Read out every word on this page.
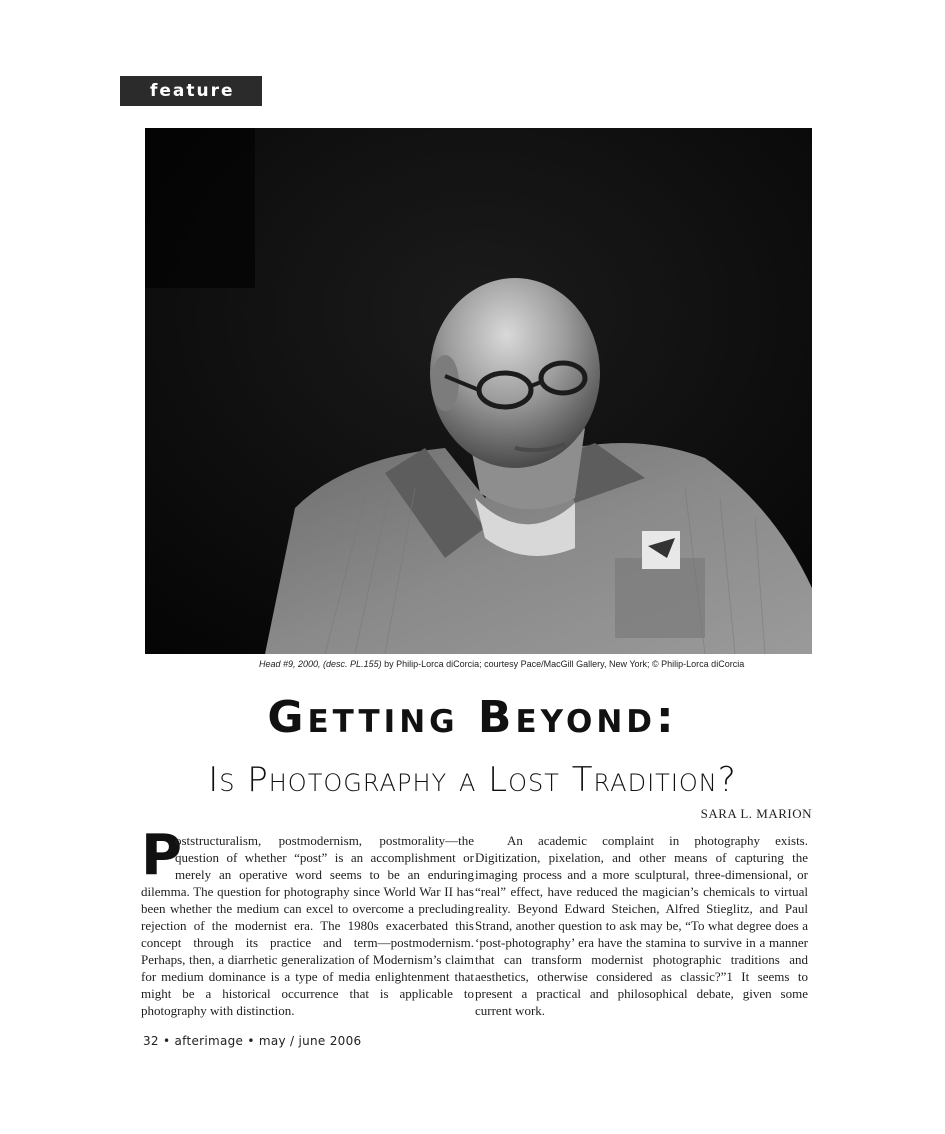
feature
Head #9, 2000, (desc. PL.155) by Philip-Lorca diCorcia; courtesy Pace/MacGill Gallery, New York; © Philip-Lorca diCorcia
Getting Beyond:
Is Photography a Lost Tradition?
SARA L. MARION
P

oststructuralism, postmodernism, postmorality—the question of whether “post” is an accomplishment or merely an operative word seems to be an enduring dilemma. The question for photography since World War II has been whether the medium can excel to overcome a precluding rejection of the modernist era. The 1980s exacerbated this concept through its practice and term—postmodernism. Perhaps, then, a diarrhetic generalization of Modernism’s claim for medium dominance is a type of media enlightenment that might be a historical occurrence that is applicable to photography with distinction.

An academic complaint in photography exists. Digitization, pixelation, and other means of capturing the imaging process and a more sculptural, three-dimensional, or “real” effect, have reduced the magician’s chemicals to virtual reality. Beyond Edward Steichen, Alfred Stieglitz, and Paul Strand, another question to ask may be, “To what degree does a ‘post-photography’ era have the stamina to survive in a manner that can transform modernist photographic traditions and aesthetics, otherwise considered as classic?”1 It seems to present a practical and philosophical debate, given some current work.

32 • afterimage • may / june 2006
